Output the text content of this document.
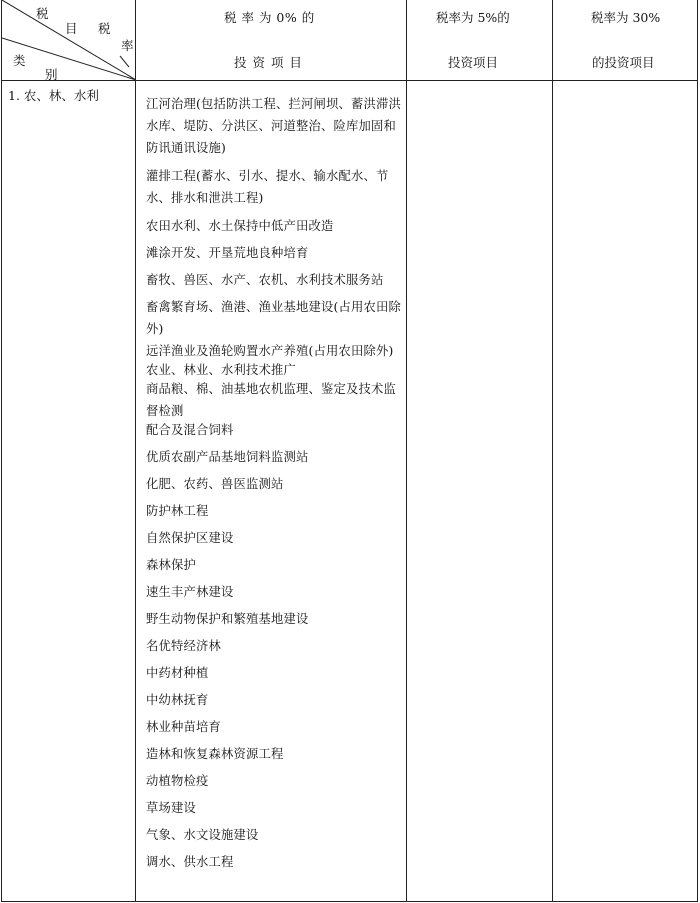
税
目 税
率
类
别
税 率 为 0% 的
投 资 项 目
税率为 5%的
投资项目
税率为 30%
的投资项目
1. 农、林、水利

江河治理(包括防洪工程、拦河闸坝、蓄洪滞洪水库、堤防、分洪区、河道整治、险库加固和防讯通讯设施)

灌排工程(蓄水、引水、提水、输水配水、节水、排水和泄洪工程)

农田水利、水土保持中低产田改造

滩涂开发、开垦荒地良种培育

畜牧、兽医、水产、农机、水利技术服务站

畜禽繁育场、渔港、渔业基地建设(占用农田除外)

远洋渔业及渔轮购置水产养殖(占用农田除外)

农业、林业、水利技术推广

商品粮、棉、油基地农机监理、鉴定及技术监督检测

配合及混合饲料

优质农副产品基地饲料监测站

化肥、农药、兽医监测站

防护林工程

自然保护区建设

森林保护

速生丰产林建设

野生动物保护和繁殖基地建设

名优特经济林

中药材种植

中幼林抚育

林业种苗培育

造林和恢复森林资源工程

动植物检疫

草场建设

气象、水文设施建设

调水、供水工程
